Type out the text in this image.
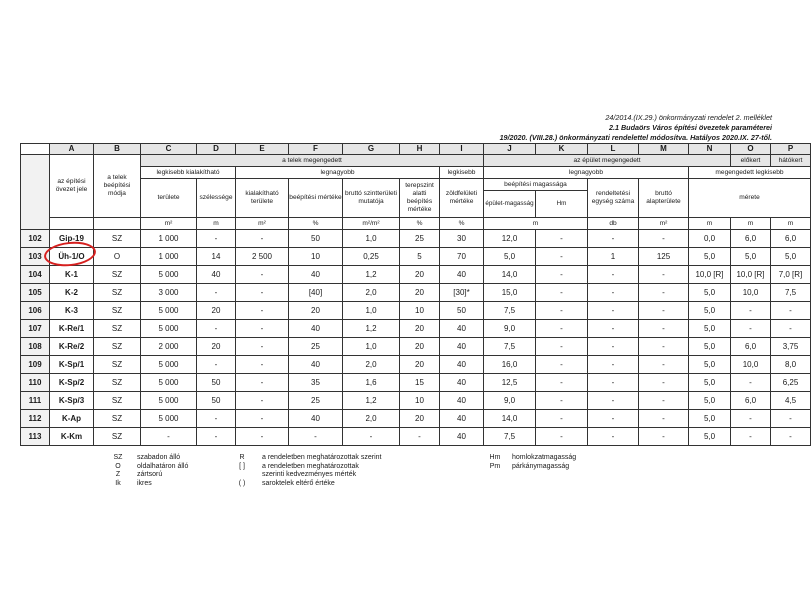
24/2014.(IX.29.) önkormányzati rendelet 2. melléklet
2.1 Budaörs Város építési övezetek paraméterei
19/2020. (VIII.28.) önkormányzati rendelettel módosítva. Hatályos 2020.IX. 27-től.
	A	B	C	D	E	F	G	H	I	J	K	L	M	N	O	P	
	az építési övezet jele	a telek beépítési módja	a telek megengedett							az épület megengedett					előkert	hátókert	
			legkisebb kialakítható		legnagyobb				legkisebb	legnagyobb				megengedett legkisebb			
			területe	szélessége	kialakítható területe	beépítési mértéke	bruttó szintterületi mutatója	terepszint alatti beépítés mértéke	zöldfelületi mértéke	beépítési magassága		rendeltetési egység száma	bruttó alapterülete	mérete			
										épület-magasság	Hm						
			m²	m	m²	%	m²/m²	%	%	m		db	m²	m	m	m	
102	Gip-19	SZ	1 000	-	-	50	1,0	25	30	12,0	-	-	-	0,0	6,0	6,0	
103	Üh-1/O	O	1 000	14	2 500	10	0,25	5	70	5,0	-	1	125	5,0	5,0	5,0	
104	K-1	SZ	5 000	40	-	40	1,2	20	40	14,0	-	-	-	10,0 [R]	10,0 [R]	7,0 [R]	
105	K-2	SZ	3 000	-	-	[40]	2,0	20	[30]*	15,0	-	-	-	5,0	10,0	7,5	
106	K-3	SZ	5 000	20	-	20	1,0	10	50	7,5	-	-	-	5,0	-	-	
107	K-Re/1	SZ	5 000	-	-	40	1,2	20	40	9,0	-	-	-	5,0	-	-	
108	K-Re/2	SZ	2 000	20	-	25	1,0	20	40	7,5	-	-	-	5,0	6,0	3,75	
109	K-Sp/1	SZ	5 000	-	-	40	2,0	20	40	16,0	-	-	-	5,0	10,0	8,0	
110	K-Sp/2	SZ	5 000	50	-	35	1,6	15	40	12,5	-	-	-	5,0	-	6,25	
111	K-Sp/3	SZ	5 000	50	-	25	1,2	10	40	9,0	-	-	-	5,0	6,0	4,5	
112	K-Ap	SZ	5 000	-	-	40	2,0	20	40	14,0	-	-	-	5,0	-	-	
113	K-Km	SZ	-	-	-	-	-	-	40	7,5	-	-	-	5,0	-	-	
SZ	szabadon álló
O	oldalhatáron álló
Z	zártsorú
Ik	ikres
R	a rendeletben meghatározottak szerint
[ ]	a rendeletben meghatározottak
szerinti kedvezményes mérték
( )	saroktelek eltérő értéke
Hm	homlokzatmagasság
Pm	párkánymagasság
